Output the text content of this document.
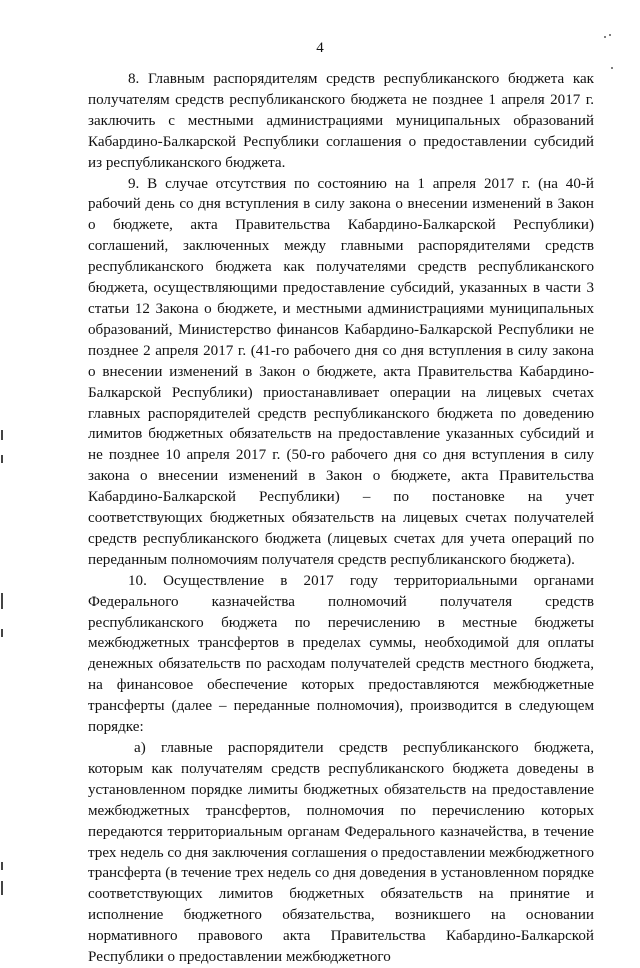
4

8. Главным распорядителям средств республиканского бюджета как получателям средств республиканского бюджета не позднее 1 апреля 2017 г. заключить с местными администрациями муниципальных образований Кабардино-Балкарской Республики соглашения о предоставлении субсидий из республиканского бюджета.

9. В случае отсутствия по состоянию на 1 апреля 2017 г. (на 40-й рабочий день со дня вступления в силу закона о внесении изменений в Закон о бюджете, акта Правительства Кабардино-Балкарской Республики) соглашений, заключенных между главными распорядителями средств республиканского бюджета как получателями средств республиканского бюджета, осуществляющими предоставление субсидий, указанных в части 3 статьи 12 Закона о бюджете, и местными администрациями муниципальных образований, Министерство финансов Кабардино-Балкарской Республики не позднее 2 апреля 2017 г. (41-го рабочего дня со дня вступления в силу закона о внесении изменений в Закон о бюджете, акта Правительства Кабардино-Балкарской Республики) приостанавливает операции на лицевых счетах главных распорядителей средств республиканского бюджета по доведению лимитов бюджетных обязательств на предоставление указанных субсидий и не позднее 10 апреля 2017 г. (50-го рабочего дня со дня вступления в силу закона о внесении изменений в Закон о бюджете, акта Правительства Кабардино-Балкарской Республики) – по постановке на учет соответствующих бюджетных обязательств на лицевых счетах получателей средств республиканского бюджета (лицевых счетах для учета операций по переданным полномочиям получателя средств республиканского бюджета).

10. Осуществление в 2017 году территориальными органами Федерального казначейства полномочий получателя средств республиканского бюджета по перечислению в местные бюджеты межбюджетных трансфертов в пределах суммы, необходимой для оплаты денежных обязательств по расходам получателей средств местного бюджета, на финансовое обеспечение которых предоставляются межбюджетные трансферты (далее – переданные полномочия), производится в следующем порядке:

а) главные распорядители средств республиканского бюджета, которым как получателям средств республиканского бюджета доведены в установленном порядке лимиты бюджетных обязательств на предоставление межбюджетных трансфертов, полномочия по перечислению которых передаются территориальным органам Федерального казначейства, в течение трех недель со дня заключения соглашения о предоставлении межбюджетного трансферта (в течение трех недель со дня доведения в установленном порядке соответствующих лимитов бюджетных обязательств на принятие и исполнение бюджетного обязательства, возникшего на основании нормативного правового акта Правительства Кабардино-Балкарской Республики о предоставлении межбюджетного
